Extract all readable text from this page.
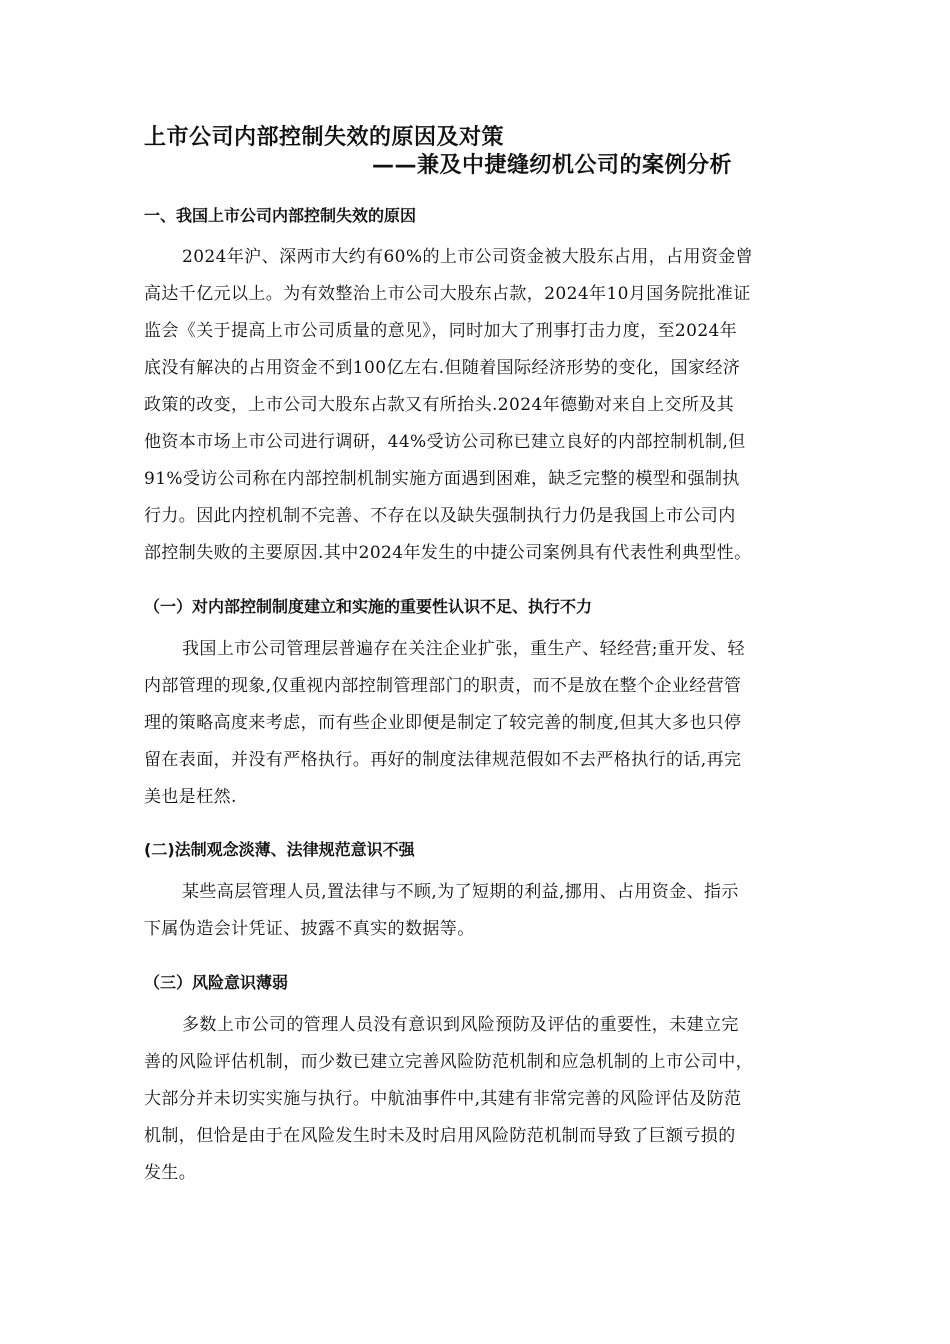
上市公司内部控制失效的原因及对策
——兼及中捷缝纫机公司的案例分析
一、我国上市公司内部控制失效的原因
2024年沪、深两市大约有60%的上市公司资金被大股东占用，占用资金曾
高达千亿元以上。为有效整治上市公司大股东占款，2024年10月国务院批准证
监会《关于提高上市公司质量的意见》，同时加大了刑事打击力度，至2024年
底没有解决的占用资金不到100亿左右.但随着国际经济形势的变化，国家经济
政策的改变，上市公司大股东占款又有所抬头.2024年德勤对来自上交所及其
他资本市场上市公司进行调研，44%受访公司称已建立良好的内部控制机制,但
91%受访公司称在内部控制机制实施方面遇到困难，缺乏完整的模型和强制执
行力。因此内控机制不完善、不存在以及缺失强制执行力仍是我国上市公司内
部控制失败的主要原因.其中2024年发生的中捷公司案例具有代表性利典型性。
（一）对内部控制制度建立和实施的重要性认识不足、执行不力
我国上市公司管理层普遍存在关注企业扩张，重生产、轻经营;重开发、轻
内部管理的现象,仅重视内部控制管理部门的职责，而不是放在整个企业经营管
理的策略高度来考虑，而有些企业即便是制定了较完善的制度,但其大多也只停
留在表面，并没有严格执行。再好的制度法律规范假如不去严格执行的话,再完
美也是枉然.
(二)法制观念淡薄、法律规范意识不强
某些高层管理人员,置法律与不顾,为了短期的利益,挪用、占用资金、指示
下属伪造会计凭证、披露不真实的数据等。
（三）风险意识薄弱
多数上市公司的管理人员没有意识到风险预防及评估的重要性，未建立完
善的风险评估机制，而少数已建立完善风险防范机制和应急机制的上市公司中，
大部分并未切实实施与执行。中航油事件中,其建有非常完善的风险评估及防范
机制，但恰是由于在风险发生时未及时启用风险防范机制而导致了巨额亏损的
发生。
